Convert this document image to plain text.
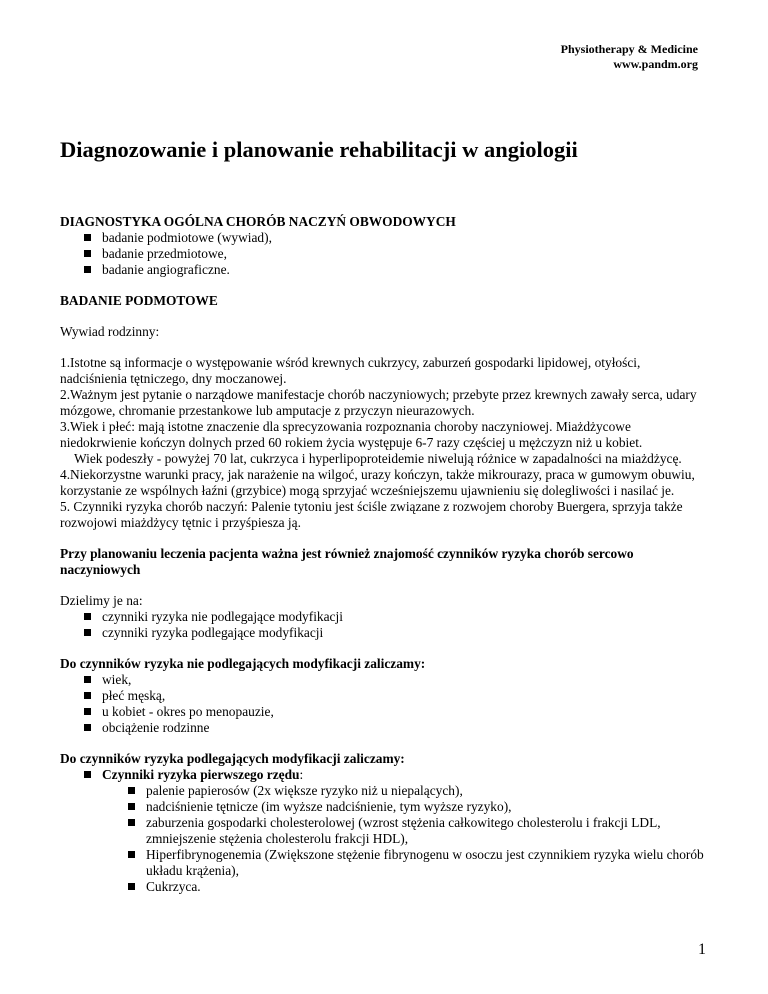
Physiotherapy & Medicine
www.pandm.org
Diagnozowanie i planowanie rehabilitacji w angiologii

DIAGNOSTYKA OGÓLNA CHORÓB NACZYŃ OBWODOWYCH

badanie podmiotowe (wywiad),
badanie przedmiotowe,
badanie angiograficzne.

BADANIE PODMOTOWE

Wywiad rodzinny:

1.Istotne są informacje o występowanie wśród krewnych cukrzycy, zaburzeń gospodarki lipidowej, otyłości, nadciśnienia tętniczego, dny moczanowej.

2.Ważnym jest pytanie o narządowe manifestacje chorób naczyniowych; przebyte przez krewnych zawały serca, udary mózgowe, chromanie przestankowe lub amputacje z przyczyn nieurazowych.

3.Wiek i płeć: mają istotne znaczenie dla sprecyzowania rozpoznania choroby naczyniowej. Miażdżycowe niedokrwienie kończyn dolnych przed 60 rokiem życia występuje 6-7 razy częściej u mężczyzn niż u kobiet.

Wiek podeszły - powyżej 70 lat, cukrzyca i hyperlipoproteidemie niwelują różnice w zapadalności na miażdżycę.

4.Niekorzystne warunki pracy, jak narażenie na wilgoć, urazy kończyn, także mikrourazy, praca w gumowym obuwiu, korzystanie ze wspólnych łaźni (grzybice) mogą sprzyjać wcześniejszemu ujawnieniu się dolegliwości i nasilać je.

5. Czynniki ryzyka chorób naczyń: Palenie tytoniu jest ściśle związane z rozwojem choroby Buergera, sprzyja także rozwojowi miażdżycy tętnic i przyśpiesza ją.

Przy planowaniu leczenia pacjenta ważna jest również znajomość czynników ryzyka chorób sercowo naczyniowych

Dzielimy je na:

czynniki ryzyka nie podlegające modyfikacji
czynniki ryzyka podlegające modyfikacji

Do czynników ryzyka nie podlegających modyfikacji zaliczamy:

wiek,
płeć męską,
u kobiet - okres po menopauzie,
obciążenie rodzinne

Do czynników ryzyka podlegających modyfikacji zaliczamy:

Czynniki ryzyka pierwszego rzędu:
palenie papierosów (2x większe ryzyko niż u niepalących),
nadciśnienie tętnicze (im wyższe nadciśnienie, tym wyższe ryzyko),
zaburzenia gospodarki cholesterolowej (wzrost stężenia całkowitego cholesterolu i frakcji LDL, zmniejszenie stężenia cholesterolu frakcji HDL),
Hiperfibrynogenemia (Zwiększone stężenie fibrynogenu w osoczu jest czynnikiem ryzyka wielu chorób układu krążenia),
Cukrzyca.
1
